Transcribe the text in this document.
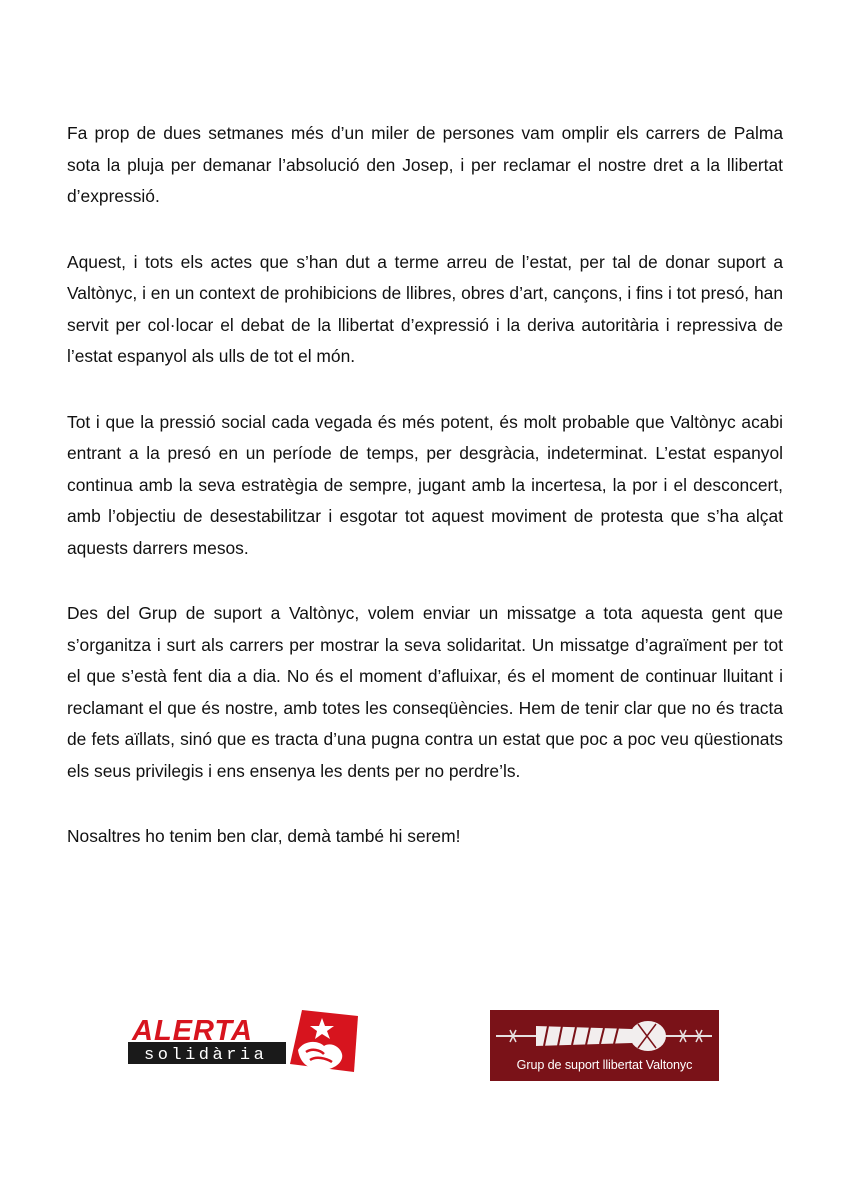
Fa prop de dues setmanes més d’un miler de persones vam omplir els carrers de Palma sota la pluja per demanar l’absolució den Josep, i per reclamar el nostre dret a la llibertat d’expressió.

Aquest, i tots els actes que s’han dut a terme arreu de l’estat, per tal de donar suport a Valtònyc, i en un context de prohibicions de llibres, obres d’art, cançons, i fins i tot presó, han servit per col·locar el debat de la llibertat d’expressió i la deriva autoritària i repressiva de l’estat espanyol als ulls de tot el món.

Tot i que la pressió social cada vegada és més potent, és molt probable que Valtònyc acabi entrant a la presó en un període de temps, per desgràcia, indeterminat. L’estat espanyol continua amb la seva estratègia de sempre, jugant amb la incertesa, la por i el desconcert, amb l’objectiu de desestabilitzar i esgotar tot aquest moviment de protesta que s’ha alçat aquests darrers mesos.

Des del Grup de suport a Valtònyc, volem enviar un missatge a tota aquesta gent que s’organitza i surt als carrers per mostrar la seva solidaritat. Un missatge d’agraïment per tot el que s’està fent dia a dia. No és el moment d’afluixar, és el moment de continuar lluitant i reclamant el que és nostre, amb totes les conseqüències. Hem de tenir clar que no és tracta de fets aïllats, sinó que es tracta d’una pugna contra un estat que poc a poc veu qüestionats els seus privilegis i ens ensenya les dents per no perdre’ls.

Nosaltres ho tenim ben clar, demà també hi serem!

ALERTA
solidària	Grup de suport llibertat Valtonyc
